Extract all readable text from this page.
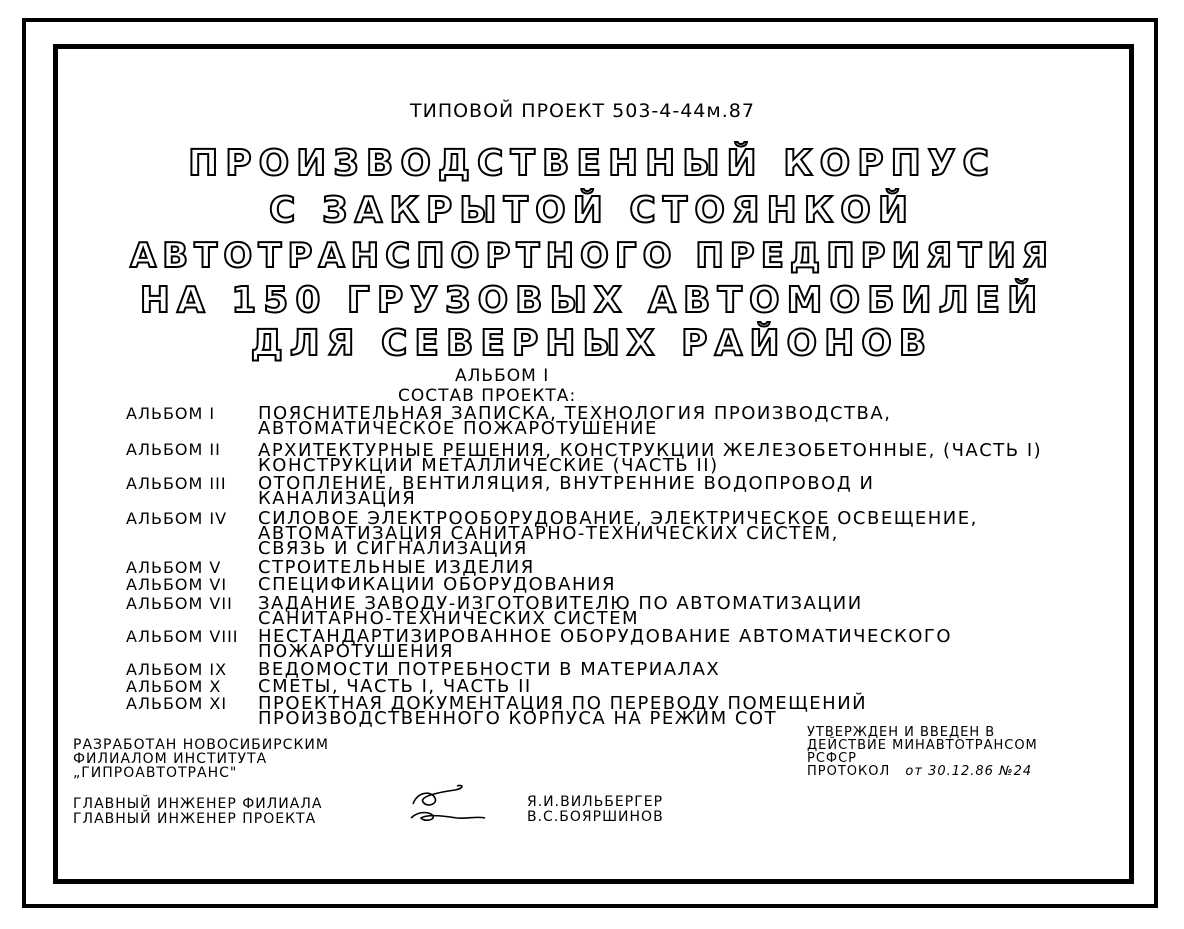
ТИПОВОЙ ПРОЕКТ 503-4-44м.87
ПРОИЗВОДСТВЕННЫЙ КОРПУС
С ЗАКРЫТОЙ СТОЯНКОЙ
АВТОТРАНСПОРТНОГО ПРЕДПРИЯТИЯ
НА 150 ГРУЗОВЫХ АВТОМОБИЛЕЙ
ДЛЯ СЕВЕРНЫХ РАЙОНОВ
АЛЬБОМ I
СОСТАВ ПРОЕКТА:
АЛЬБОМ I ПОЯСНИТЕЛЬНАЯ ЗАПИСКА, ТЕХНОЛОГИЯ ПРОИЗВОДСТВА,
АВТОМАТИЧЕСКОЕ ПОЖАРОТУШЕНИЕ
АЛЬБОМ II АРХИТЕКТУРНЫЕ РЕШЕНИЯ, КОНСТРУКЦИИ ЖЕЛЕЗОБЕТОННЫЕ, (ЧАСТЬ I)
КОНСТРУКЦИИ МЕТАЛЛИЧЕСКИЕ (ЧАСТЬ II)
АЛЬБОМ III ОТОПЛЕНИЕ, ВЕНТИЛЯЦИЯ, ВНУТРЕННИЕ ВОДОПРОВОД И
КАНАЛИЗАЦИЯ
АЛЬБОМ IV СИЛОВОЕ ЭЛЕКТРООБОРУДОВАНИЕ, ЭЛЕКТРИЧЕСКОЕ ОСВЕЩЕНИЕ,
АВТОМАТИЗАЦИЯ САНИТАРНО-ТЕХНИЧЕСКИХ СИСТЕМ,
СВЯЗЬ И СИГНАЛИЗАЦИЯ
АЛЬБОМ V СТРОИТЕЛЬНЫЕ ИЗДЕЛИЯ
АЛЬБОМ VI СПЕЦИФИКАЦИИ ОБОРУДОВАНИЯ
АЛЬБОМ VII ЗАДАНИЕ ЗАВОДУ-ИЗГОТОВИТЕЛЮ ПО АВТОМАТИЗАЦИИ
САНИТАРНО-ТЕХНИЧЕСКИХ СИСТЕМ
АЛЬБОМ VIII НЕСТАНДАРТИЗИРОВАННОЕ ОБОРУДОВАНИЕ АВТОМАТИЧЕСКОГО
ПОЖАРОТУШЕНИЯ
АЛЬБОМ IX ВЕДОМОСТИ ПОТРЕБНОСТИ В МАТЕРИАЛАХ
АЛЬБОМ X СМЕТЫ, ЧАСТЬ I, ЧАСТЬ II
АЛЬБОМ XI ПРОЕКТНАЯ ДОКУМЕНТАЦИЯ ПО ПЕРЕВОДУ ПОМЕЩЕНИЙ
ПРОИЗВОДСТВЕННОГО КОРПУСА НА РЕЖИМ СОТ
РАЗРАБОТАН НОВОСИБИРСКИМ
ФИЛИАЛОМ ИНСТИТУТА
„ГИПРОАВТОТРАНС"
УТВЕРЖДЕН И ВВЕДЕН В
ДЕЙСТВИЕ МИНАВТОТРАНСОМ
РСФСР
ПРОТОКОЛ от 30.12.86 №24
ГЛАВНЫЙ ИНЖЕНЕР ФИЛИАЛА
ГЛАВНЫЙ ИНЖЕНЕР ПРОЕКТА
Я.И.ВИЛЬБЕРГЕР
В.С.БОЯРШИНОВ
